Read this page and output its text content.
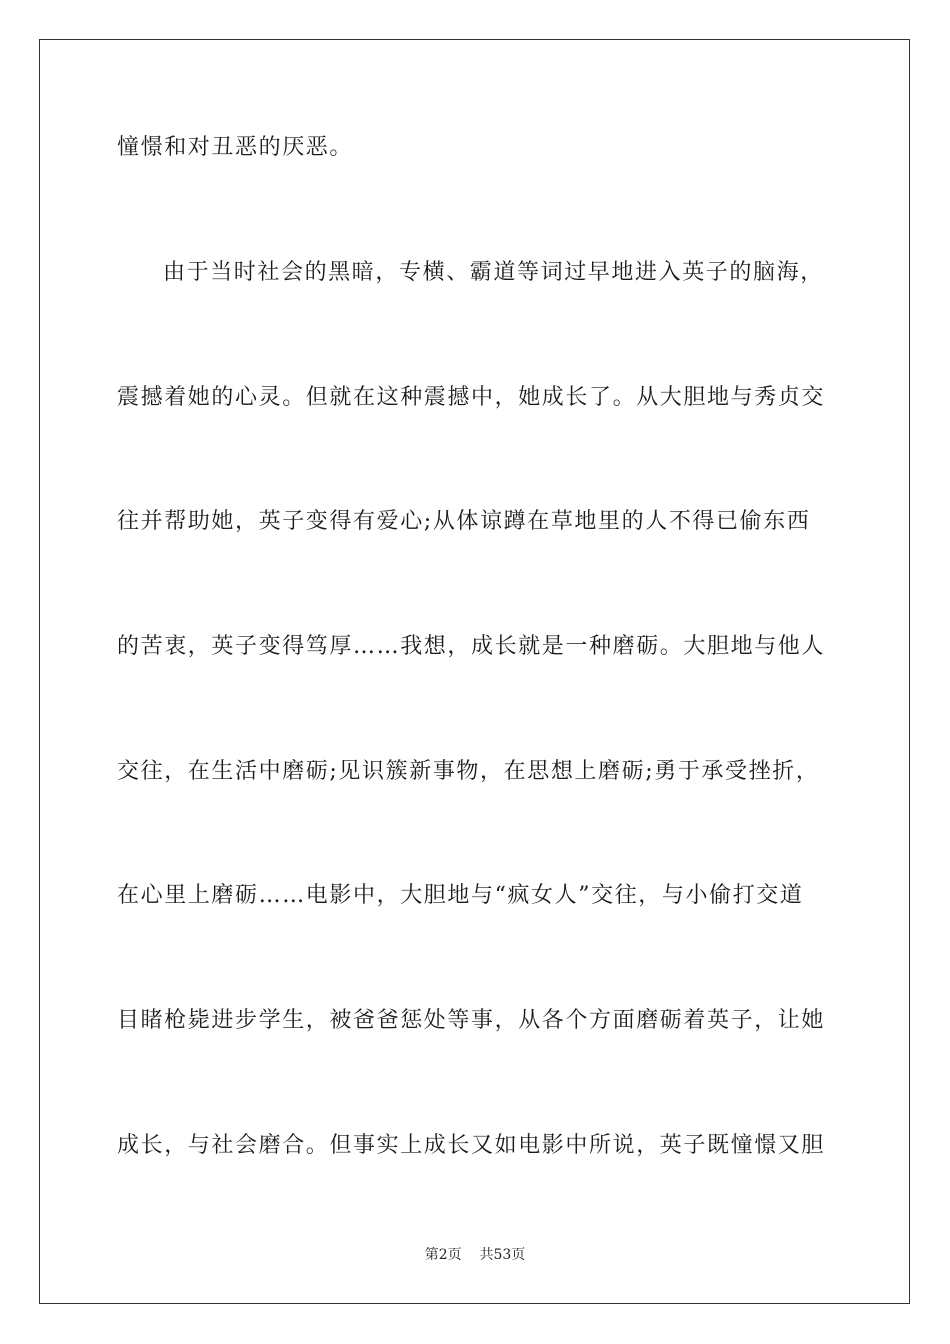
憧憬和对丑恶的厌恶。
由于当时社会的黑暗，专横、霸道等词过早地进入英子的脑海，
震撼着她的心灵。但就在这种震撼中，她成长了。从大胆地与秀贞交
往并帮助她，英子变得有爱心;从体谅蹲在草地里的人不得已偷东西
的苦衷，英子变得笃厚……我想，成长就是一种磨砺。大胆地与他人
交往，在生活中磨砺;见识簇新事物，在思想上磨砺;勇于承受挫折，
在心里上磨砺……电影中，大胆地与“疯女人”交往，与小偷打交道
目睹枪毙进步学生，被爸爸惩处等事，从各个方面磨砺着英子，让她
成长，与社会磨合。但事实上成长又如电影中所说，英子既憧憬又胆
第2页 共53页
